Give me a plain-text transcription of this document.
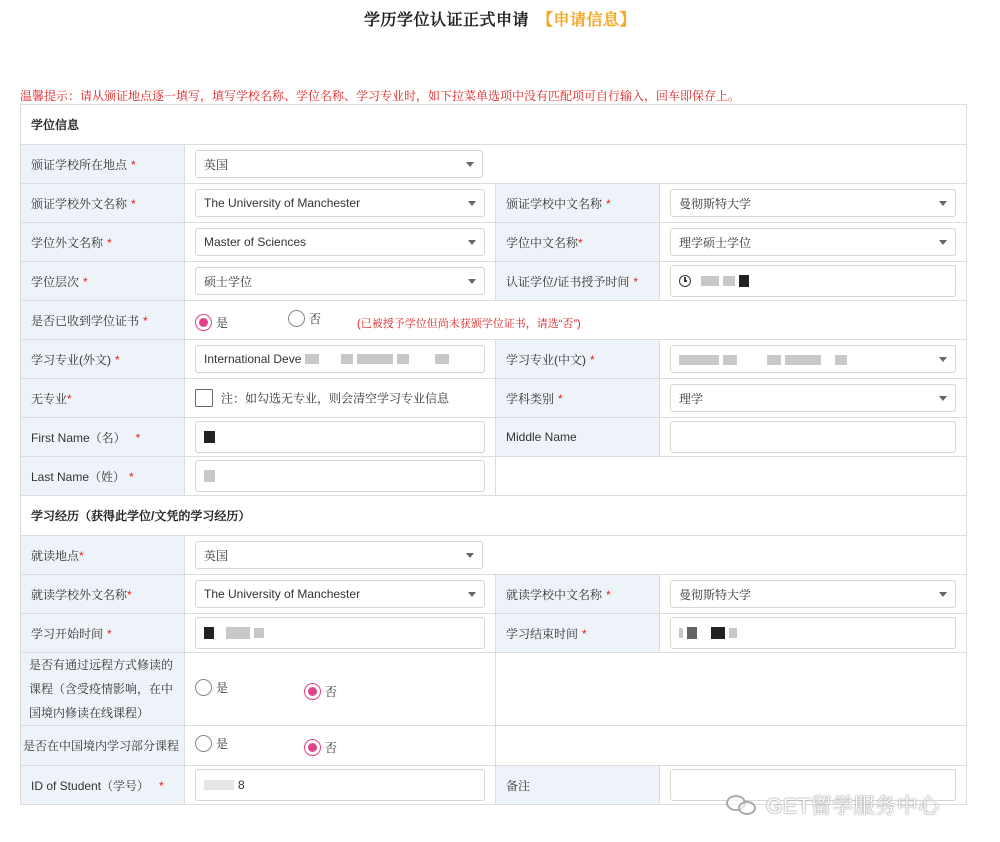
学历学位认证正式申请 【申请信息】
温馨提示：请从颁证地点逐一填写，填写学校名称、学位名称、学习专业时，如下拉菜单选项中没有匹配项可自行输入，回车即保存上。
学位信息			
颁证学校所在地点 *	英国		

颁证学校外文名称 *	The University of Manchester	颁证学校中文名称 *	曼彻斯特大学

学位外文名称 *	Master of Sciences	学位中文名称*	理学硕士学位

学位层次 *	硕士学位	认证学位/证书授予时间 *	

是否已收到学位证书 *	是 否 (已被授予学位但尚未获颁学位证书，请选“否”)		
学习专业(外文) *	International Deve	学习专业(中文) *	

无专业*	注：如勾选无专业，则会清空学习专业信息	学科类别 *	理学

First Name（名） *		Middle Name	

Last Name（姓） *		

学习经历（获得此学位/文凭的学习经历）			
就读地点*	英国		

就读学校外文名称*	The University of Manchester	就读学校中文名称 *	曼彻斯特大学

学习开始时间 *		学习结束时间 *	

是否有通过远程方式修读的课程（含受疫情影响，在中国境内修读在线课程）	是 否		

是否在中国境内学习部分课程	是 否		

ID of Student（学号） *	8	备注	
GET留学服务中心
